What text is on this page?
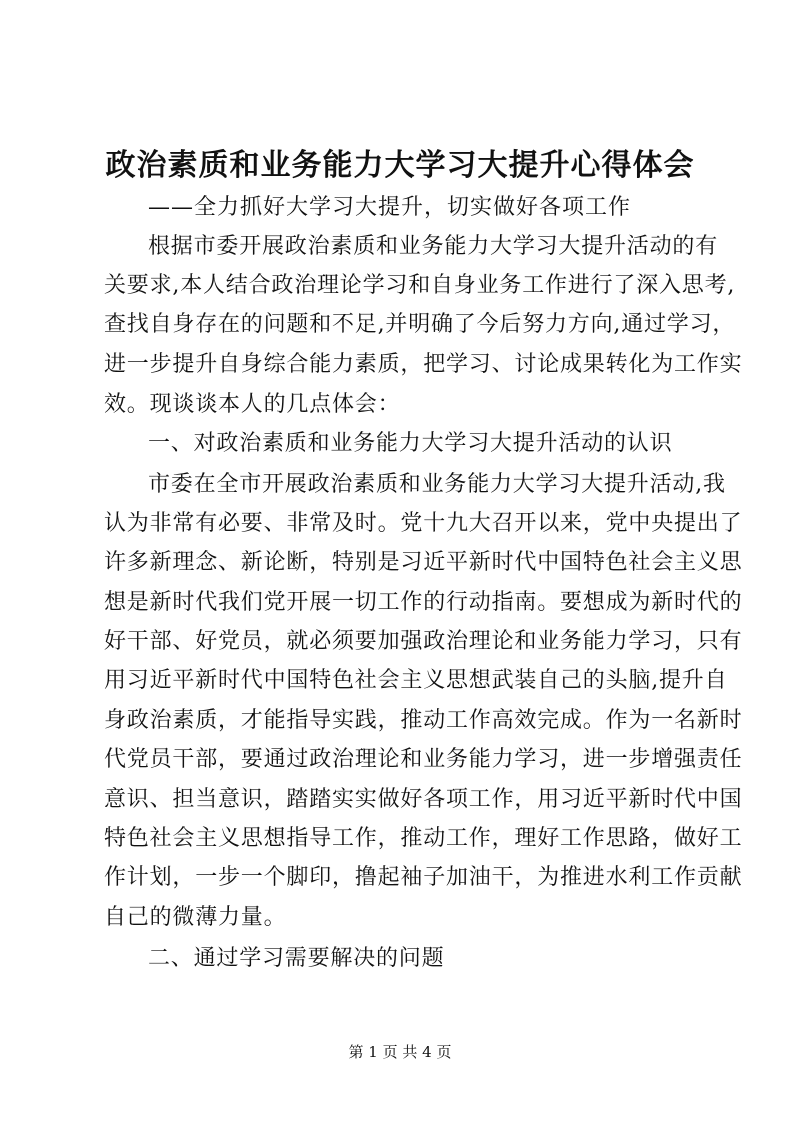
政治素质和业务能力大学习大提升心得体会
——全力抓好大学习大提升，切实做好各项工作
根据市委开展政治素质和业务能力大学习大提升活动的有
关要求,本人结合政治理论学习和自身业务工作进行了深入思考,
查找自身存在的问题和不足,并明确了今后努力方向,通过学习，
进一步提升自身综合能力素质，把学习、讨论成果转化为工作实
效。现谈谈本人的几点体会：
一、对政治素质和业务能力大学习大提升活动的认识
市委在全市开展政治素质和业务能力大学习大提升活动,我
认为非常有必要、非常及时。党十九大召开以来，党中央提出了
许多新理念、新论断，特别是习近平新时代中国特色社会主义思
想是新时代我们党开展一切工作的行动指南。要想成为新时代的
好干部、好党员，就必须要加强政治理论和业务能力学习，只有
用习近平新时代中国特色社会主义思想武装自己的头脑,提升自
身政治素质，才能指导实践，推动工作高效完成。作为一名新时
代党员干部，要通过政治理论和业务能力学习，进一步增强责任
意识、担当意识，踏踏实实做好各项工作，用习近平新时代中国
特色社会主义思想指导工作，推动工作，理好工作思路，做好工
作计划，一步一个脚印，撸起袖子加油干，为推进水利工作贡献
自己的微薄力量。
二、通过学习需要解决的问题
第 1 页 共 4 页
